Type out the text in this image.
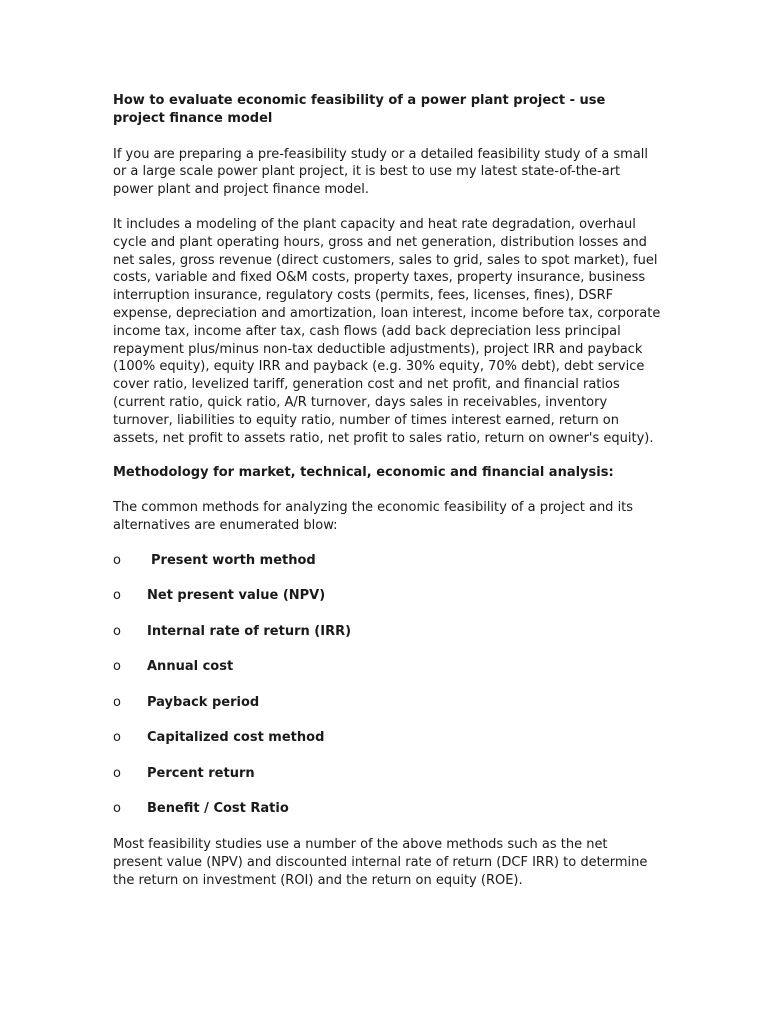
How to evaluate economic feasibility of a power plant project - use project finance model

If you are preparing a pre-feasibility study or a detailed feasibility study of a small or a large scale power plant project, it is best to use my latest state-of-the-art power plant and project finance model.

It includes a modeling of the plant capacity and heat rate degradation, overhaul cycle and plant operating hours, gross and net generation, distribution losses and net sales, gross revenue (direct customers, sales to grid, sales to spot market), fuel costs, variable and fixed O&M costs, property taxes, property insurance, business interruption insurance, regulatory costs (permits, fees, licenses, fines), DSRF expense, depreciation and amortization, loan interest, income before tax, corporate income tax, income after tax, cash flows (add back depreciation less principal repayment plus/minus non-tax deductible adjustments), project IRR and payback (100% equity), equity IRR and payback (e.g. 30% equity, 70% debt), debt service cover ratio, levelized tariff, generation cost and net profit, and financial ratios (current ratio, quick ratio, A/R turnover, days sales in receivables, inventory turnover, liabilities to equity ratio, number of times interest earned, return on assets, net profit to assets ratio, net profit to sales ratio, return on owner's equity).

Methodology for market, technical, economic and financial analysis:

The common methods for analyzing the economic feasibility of a project and its alternatives are enumerated blow:

o	Present worth method
o	Net present value (NPV)
o	Internal rate of return (IRR)
o	Annual cost
o	Payback period
o	Capitalized cost method
o	Percent return
o	Benefit / Cost Ratio

Most feasibility studies use a number of the above methods such as the net present value (NPV) and discounted internal rate of return (DCF IRR) to determine the return on investment (ROI) and the return on equity (ROE).
